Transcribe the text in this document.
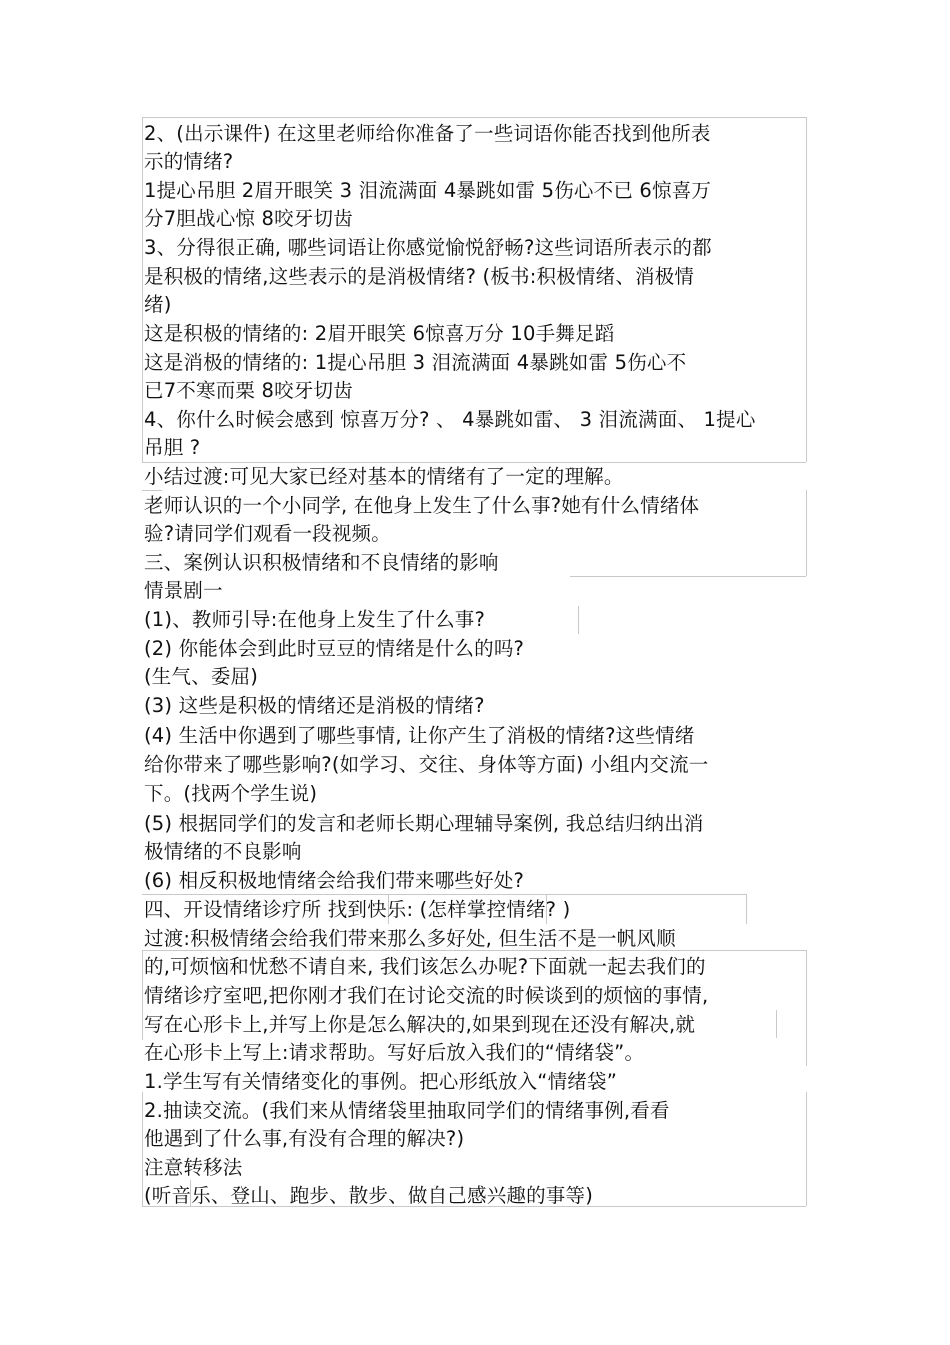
2、(出示课件) 在这里老师给你准备了一些词语你能否找到他所表
示的情绪?
1提心吊胆 2眉开眼笑 3 泪流满面 4暴跳如雷 5伤心不已 6惊喜万
分7胆战心惊 8咬牙切齿
3、分得很正确, 哪些词语让你感觉愉悦舒畅?这些词语所表示的都
是积极的情绪,这些表示的是消极情绪? (板书:积极情绪、消极情
绪)
这是积极的情绪的: 2眉开眼笑 6惊喜万分 10手舞足蹈
这是消极的情绪的: 1提心吊胆 3 泪流满面 4暴跳如雷 5伤心不
已7不寒而栗 8咬牙切齿
4、你什么时候会感到 惊喜万分? 、 4暴跳如雷、 3 泪流满面、 1提心
吊胆 ?
小结过渡:可见大家已经对基本的情绪有了一定的理解。
老师认识的一个小同学, 在他身上发生了什么事?她有什么情绪体
验?请同学们观看一段视频。
三、案例认识积极情绪和不良情绪的影响
情景剧一
(1)、教师引导:在他身上发生了什么事?
(2) 你能体会到此时豆豆的情绪是什么的吗?
(生气、委屈)
(3) 这些是积极的情绪还是消极的情绪?
(4) 生活中你遇到了哪些事情, 让你产生了消极的情绪?这些情绪
给你带来了哪些影响?(如学习、交往、身体等方面) 小组内交流一
下。(找两个学生说)
(5) 根据同学们的发言和老师长期心理辅导案例, 我总结归纳出消
极情绪的不良影响
(6) 相反积极地情绪会给我们带来哪些好处?
四、开设情绪诊疗所 找到快乐: (怎样掌控情绪? )
过渡:积极情绪会给我们带来那么多好处, 但生活不是一帆风顺
的,可烦恼和忧愁不请自来, 我们该怎么办呢?下面就一起去我们的
情绪诊疗室吧,把你刚才我们在讨论交流的时候谈到的烦恼的事情,
写在心形卡上,并写上你是怎么解决的,如果到现在还没有解决,就
在心形卡上写上:请求帮助。写好后放入我们的“情绪袋”。
1.学生写有关情绪变化的事例。把心形纸放入“情绪袋”
2.抽读交流。(我们来从情绪袋里抽取同学们的情绪事例,看看
他遇到了什么事,有没有合理的解决?)
注意转移法
(听音乐、登山、跑步、散步、做自己感兴趣的事等)
